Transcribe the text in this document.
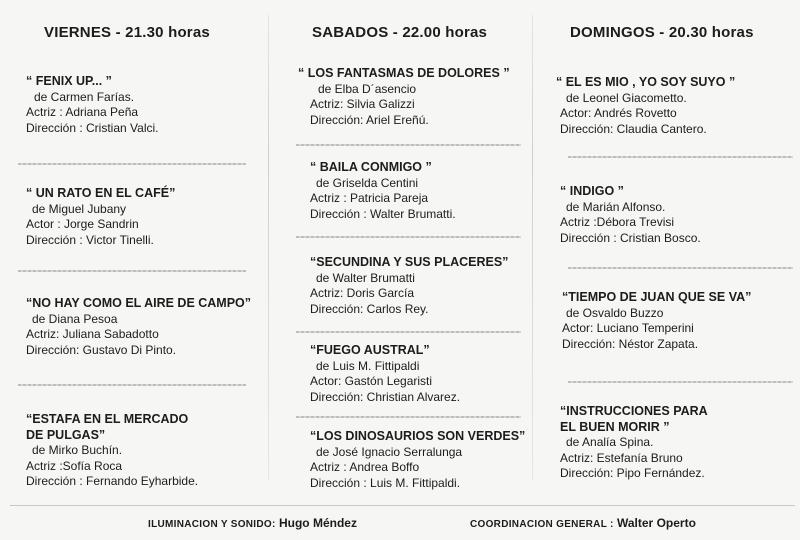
VIERNES - 21.30 horas
“ FENIX UP... ”
de Carmen Farías.
Actriz : Adriana Peña
Dirección : Cristian Valci.
“ UN RATO EN EL CAFÉ”
de Miguel Jubany
Actor : Jorge Sandrin
Dirección : Victor Tinelli.
“NO HAY COMO EL AIRE DE CAMPO”
de Diana Pesoa
Actriz: Juliana Sabadotto
Dirección: Gustavo Di Pinto.
“ESTAFA EN EL MERCADO
DE PULGAS”
de Mirko Buchín.
Actriz :Sofía Roca
Dirección : Fernando Eyharbide.
SABADOS - 22.00 horas
“ LOS FANTASMAS DE DOLORES ”
de Elba D´asencio
Actriz: Silvia Galizzi
Dirección: Ariel Ereñú.
“ BAILA CONMIGO ”
de Griselda Centini
Actriz : Patricia Pareja
Dirección : Walter Brumatti.
“SECUNDINA Y SUS PLACERES”
de Walter Brumatti
Actriz: Doris García
Dirección: Carlos Rey.
“FUEGO AUSTRAL”
de Luis M. Fittipaldi
Actor: Gastón Legaristi
Dirección: Christian Alvarez.
“LOS DINOSAURIOS SON VERDES”
de José Ignacio Serralunga
Actriz : Andrea Boffo
Dirección : Luis M. Fittipaldi.
DOMINGOS - 20.30 horas
“ EL ES MIO , YO SOY SUYO ”
de Leonel Giacometto.
Actor: Andrés Rovetto
Dirección: Claudia Cantero.
“ INDIGO ”
de Marián Alfonso.
Actriz :Débora Trevisi
Dirección : Cristian Bosco.
“TIEMPO DE JUAN QUE SE VA”
de Osvaldo Buzzo
Actor: Luciano Temperini
Dirección: Néstor Zapata.
“INSTRUCCIONES PARA
EL BUEN MORIR ”
de Analía Spina.
Actriz: Estefanía Bruno
Dirección: Pipo Fernández.
ILUMINACION Y SONIDO: Hugo Méndez	COORDINACION GENERAL : Walter Operto
